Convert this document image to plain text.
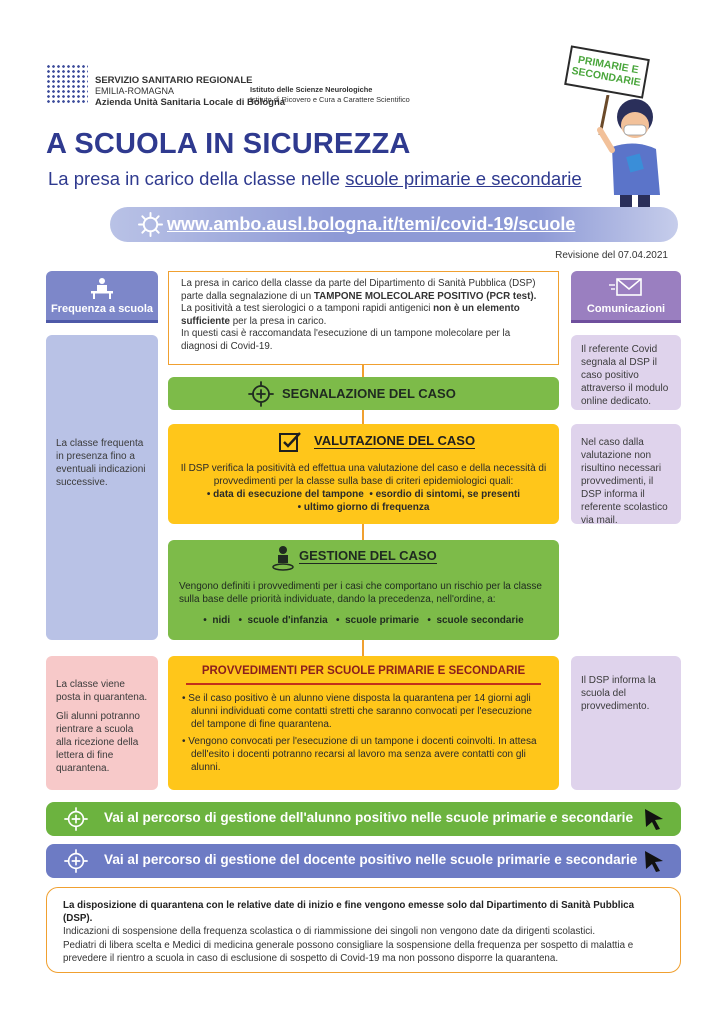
SERVIZIO SANITARIO REGIONALE
EMILIA-ROMAGNA
Azienda Unità Sanitaria Locale di Bologna
Istituto delle Scienze Neurologiche
Istituto di Ricovero e Cura a Carattere Scientifico
PRIMARIE E SECONDARIE
A SCUOLA IN SICUREZZA
La presa in carico della classe nelle scuole primarie e secondarie
www.ambo.ausl.bologna.it/temi/covid-19/scuole
Revisione del 07.04.2021
Frequenza a scuola	Comunicazioni

La classe frequenta in presenza fino a eventuali indicazioni successive.

La classe viene posta in quarantena.

Gli alunni potranno rientrare a scuola alla ricezione della lettera di fine quarantena.

Il referente Covid segnala al DSP il caso positivo attraverso il modulo online dedicato.

Nel caso dalla valutazione non risultino necessari provvedimenti, il DSP informa il referente scolastico via mail.

Il DSP informa la scuola del provvedimento.

La presa in carico della classe da parte del Dipartimento di Sanità Pubblica (DSP) parte dalla segnalazione di un TAMPONE MOLECOLARE POSITIVO (PCR test).

La positività a test sierologici o a tamponi rapidi antigenici non è un elemento sufficiente per la presa in carico.

In questi casi è raccomandata l'esecuzione di un tampone molecolare per la diagnosi di Covid-19.

SEGNALAZIONE DEL CASO
VALUTAZIONE DEL CASO
Il DSP verifica la positività ed effettua una valutazione del caso e della necessità di provvedimenti per la classe sulla base di criteri epidemiologici quali:
• data di esecuzione del tampone  • esordio di sintomi, se presenti
• ultimo giorno di frequenza
GESTIONE DEL CASO
Vengono definiti i provvedimenti per i casi che comportano un rischio per la classe sulla base delle priorità individuate, dando la precedenza, nell'ordine, a:
•  nidi   •  scuole d'infanzia   •  scuole primarie   •  scuole secondarie
PROVVEDIMENTI PER SCUOLE PRIMARIE E SECONDARIE
• Se il caso positivo è un alunno viene disposta la quarantena per 14 giorni agli alunni individuati come contatti stretti che saranno convocati per l'esecuzione del tampone di fine quarantena.
• Vengono convocati per l'esecuzione di un tampone i docenti coinvolti. In attesa dell'esito i docenti potranno recarsi al lavoro ma senza avere contatti con gli alunni.
Vai al percorso di gestione dell'alunno positivo nelle scuole primarie e secondarie
Vai al percorso di gestione del docente positivo nelle scuole primarie e secondarie

La disposizione di quarantena con le relative date di inizio e fine vengono emesse solo dal Dipartimento di Sanità Pubblica (DSP).

Indicazioni di sospensione della frequenza scolastica o di riammissione dei singoli non vengono date da dirigenti scolastici.

Pediatri di libera scelta e Medici di medicina generale possono consigliare la sospensione della frequenza per sospetto di malattia e prevedere il rientro a scuola in caso di esclusione di sospetto di Covid-19 ma non possono disporre la quarantena.
